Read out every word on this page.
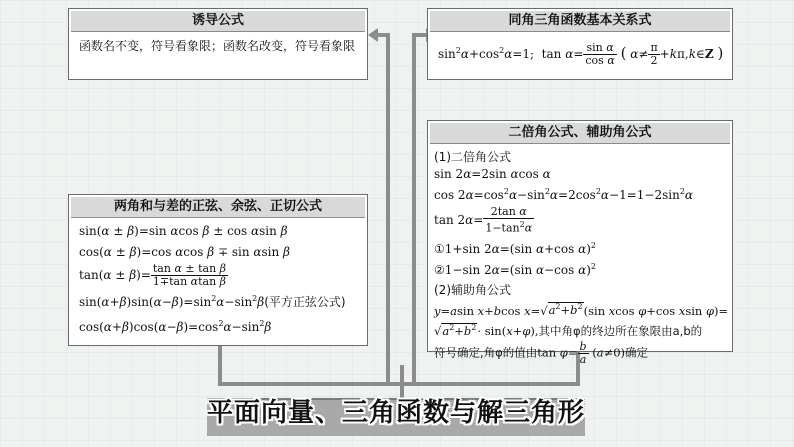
诱导公式
函数名不变，符号看象限；函数名改变，符号看象限
同角三角函数基本关系式
$\sin^2\alpha+\cos^2\alpha=1$;  $\tan \alpha= \frac{\text{sin α}}{\text{cos α}}$ ( $\alpha\ne \frac{\pi}{2}$ +kπ,k∈Z )
两角和与差的正弦、余弦、正切公式
sin(α ± β)=sin αcos β ± cos αsin β
cos(α ± β)=cos αcos β ∓ sin αsin β
$\tan(\alpha \pm \beta)= \frac{\text{tan α ± tan β}}{\text{1∓tan αtan β}}$
$\sin(\alpha+\beta)\sin(\alpha-\beta)=\sin^2\alpha-\sin^2\beta$(平方正弦公式)
$\cos(\alpha+\beta)\cos(\alpha-\beta)=\cos^2\alpha-\sin^2\beta$
二倍角公式、辅助角公式
(1)二倍角公式
sin 2α=2sin αcos α
$\cos 2\alpha=\cos^2\alpha-\sin^2\alpha=2\cos^2\alpha-1=1-2\sin^2\alpha$
$\tan 2\alpha= \frac{\text{2tan α}}{1-\tan^2\alpha}$
①1+sin 2α=(sin α+cos α)$^2$
②1−sin 2α=(sin α−cos α)$^2$
(2)辅助角公式
y=asin x+bcos $x=√a^2+b^2(\sin$ xcos φ+cos xsin φ)=
$√a^2+b^2\cdot \sin(x+\varphi)$,其中角φ的终边所在象限由a,b的
符号确定,角φ的值由$\tan \varphi= \frac{b}{a} (a\ne 0)$确定
平面向量、三角函数与解三角形
